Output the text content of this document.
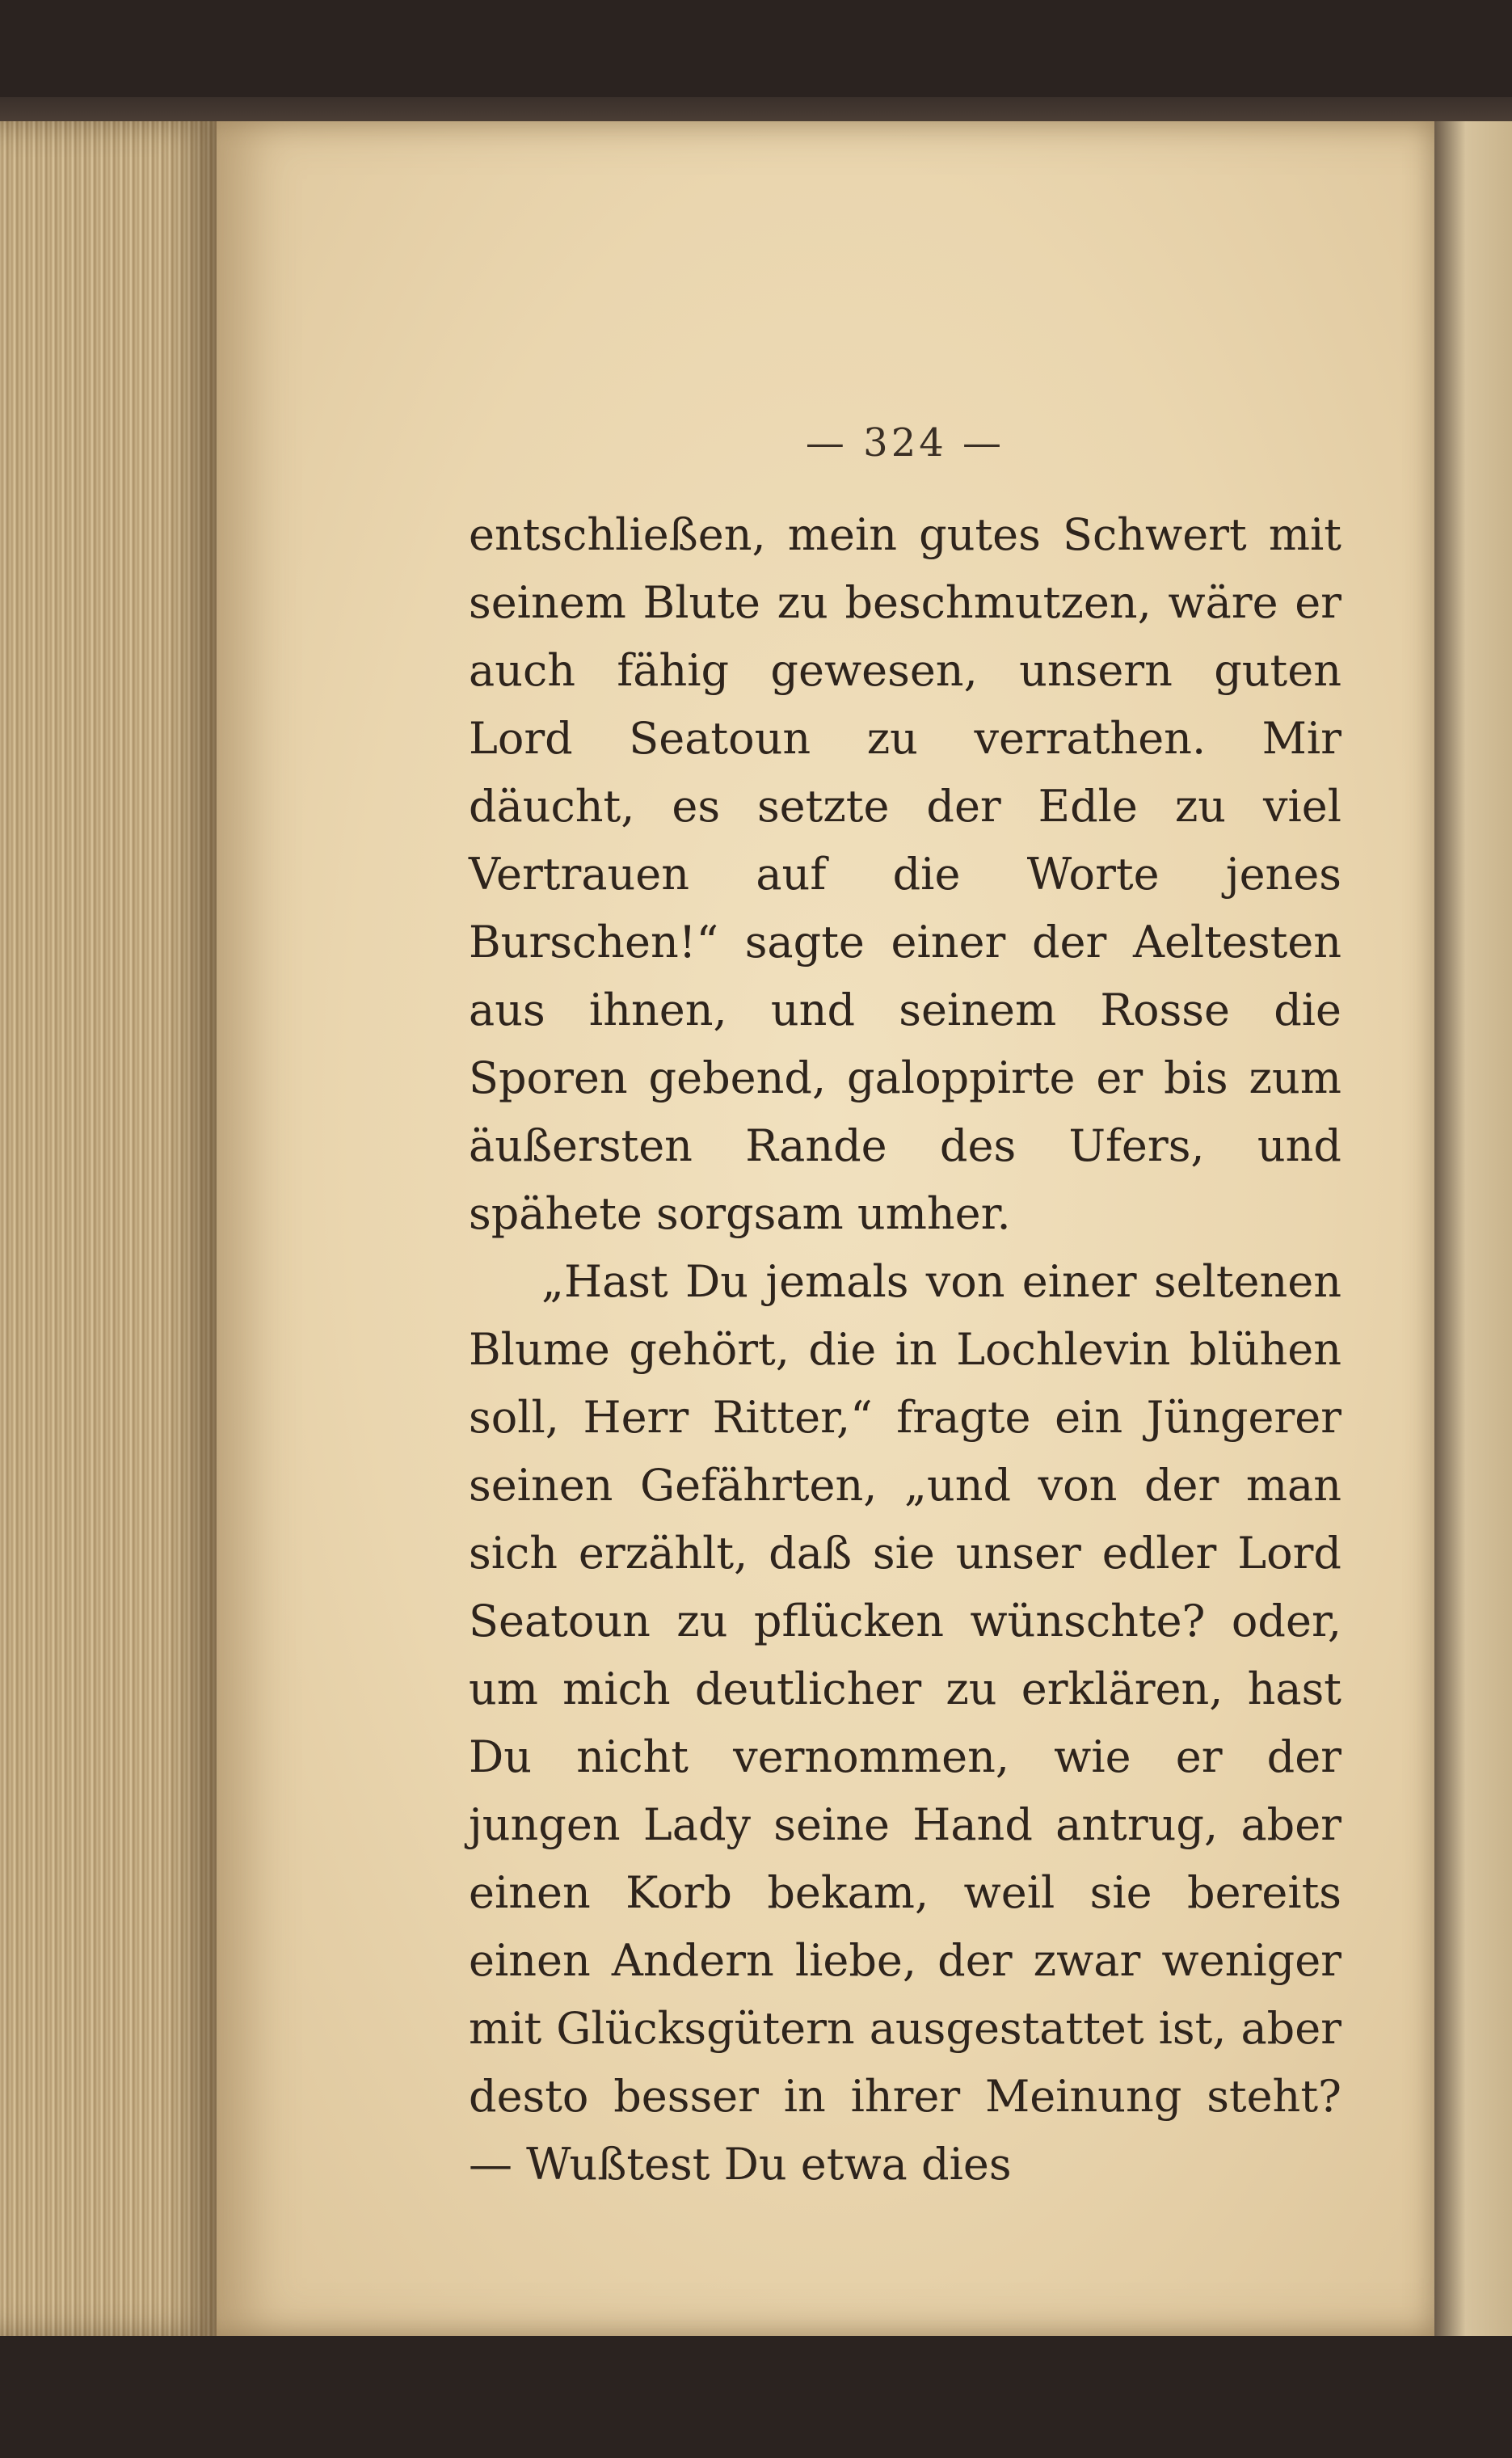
— 324 —

entschließen, mein gutes Schwert mit seinem Blute zu beschmutzen, wäre er auch fähig gewesen, unsern guten Lord Seatoun zu verrathen. Mir däucht, es setzte der Edle zu viel Vertrauen auf die Worte jenes Burschen!“ sagte einer der Aeltesten aus ihnen, und seinem Rosse die Sporen gebend, galoppirte er bis zum äußersten Rande des Ufers, und spähete sorgsam umher.

„Hast Du jemals von einer seltenen Blume gehört, die in Lochlevin blühen soll, Herr Ritter,“ fragte ein Jüngerer seinen Gefährten, „und von der man sich erzählt, daß sie unser edler Lord Seatoun zu pflücken wünschte? oder, um mich deutlicher zu erklären, hast Du nicht vernommen, wie er der jungen Lady seine Hand antrug, aber einen Korb bekam, weil sie bereits einen Andern liebe, der zwar weniger mit Glücksgütern ausgestattet ist, aber desto besser in ihrer Meinung steht? — Wußtest Du etwa dies
